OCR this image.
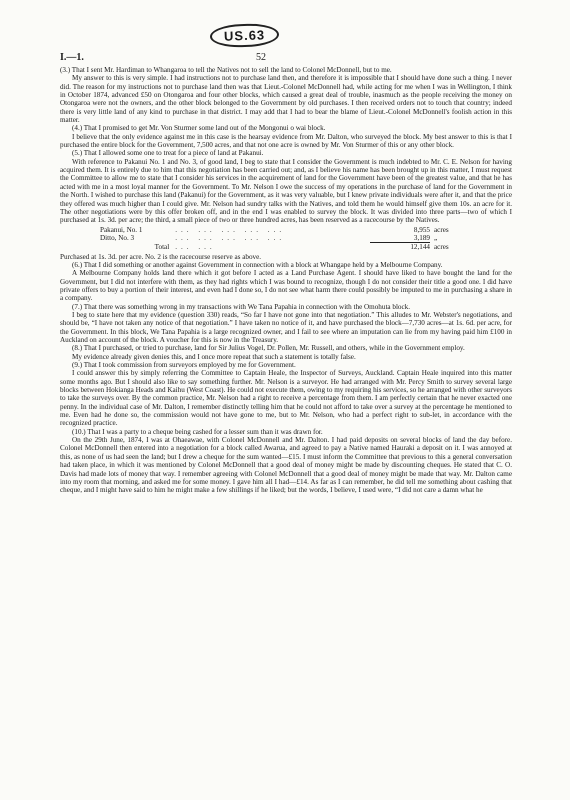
US.63
I.—1.	52

(3.) That I sent Mr. Hardiman to Whangaroa to tell the Natives not to sell the land to Colonel McDonnell, but to me.

My answer to this is very simple. I had instructions not to purchase land then, and therefore it is impossible that I should have done such a thing. I never did. The reason for my instructions not to purchase land then was that Lieut.-Colonel McDonnell had, while acting for me when I was in Wellington, I think in October 1874, advanced £50 on Otongaroa and four other blocks, which caused a great deal of trouble, inasmuch as the people receiving the money on Otongaroa were not the owners, and the other block belonged to the Government by old purchases. I then received orders not to touch that country; indeed there is very little land of any kind to purchase in that district. I may add that I had to bear the blame of Lieut.-Colonel McDonnell's foolish action in this matter.

(4.) That I promised to get Mr. Von Sturmer some land out of the Mongonui o wai block.

I believe that the only evidence against me in this case is the hearsay evidence from Mr. Dalton, who surveyed the block. My best answer to this is that I purchased the entire block for the Government, 7,500 acres, and that not one acre is owned by Mr. Von Sturmer of this or any other block.

(5.) That I allowed some one to treat for a piece of land at Pakanui.

With reference to Pakanui No. 1 and No. 3, of good land, I beg to state that I consider the Government is much indebted to Mr. C. E. Nelson for having acquired them. It is entirely due to him that this negotiation has been carried out; and, as I believe his name has been brought up in this matter, I must request the Committee to allow me to state that I consider his services in the acquirement of land for the Government have been of the greatest value, and that he has acted with me in a most loyal manner for the Government. To Mr. Nelson I owe the success of my operations in the purchase of land for the Government in the North. I wished to purchase this land (Pakanui) for the Government, as it was very valuable, but I knew private individuals were after it, and that the price they offered was much higher than I could give. Mr. Nelson had sundry talks with the Natives, and told them he would himself give them 10s. an acre for it. The other negotiations were by this offer broken off, and in the end I was enabled to survey the block. It was divided into three parts—two of which I purchased at 1s. 3d. per acre; the third, a small piece of two or three hundred acres, has been reserved as a racecourse by the Natives.

Pakanui, No. 1	... ... ... ... ...	8,955	acres
Ditto, No. 3	... ... ... ... ...	3,189	„
Total	... ...	12,144	acres

Purchased at 1s. 3d. per acre. No. 2 is the racecourse reserve as above.

(6.) That I did something or another against Government in connection with a block at Whangape held by a Melbourne Company.

A Melbourne Company holds land there which it got before I acted as a Land Purchase Agent. I should have liked to have bought the land for the Government, but I did not interfere with them, as they had rights which I was bound to recognize, though I do not consider their title a good one. I did have private offers to buy a portion of their interest, and even had I done so, I do not see what harm there could possibly be imputed to me in purchasing a share in a company.

(7.) That there was something wrong in my transactions with We Tana Papahia in connection with the Omohuta block.

I beg to state here that my evidence (question 330) reads, “So far I have not gone into that negotiation.” This alludes to Mr. Webster's negotiations, and should be, “I have not taken any notice of that negotiation.” I have taken no notice of it, and have purchased the block—7,730 acres—at 1s. 6d. per acre, for the Government. In this block, We Tana Papahia is a large recognized owner, and I fail to see where an imputation can lie from my having paid him £100 in Auckland on account of the block. A voucher for this is now in the Treasury.

(8.) That I purchased, or tried to purchase, land for Sir Julius Vogel, Dr. Pollen, Mr. Russell, and others, while in the Government employ.

My evidence already given denies this, and I once more repeat that such a statement is totally false.

(9.) That I took commission from surveyors employed by me for Government.

I could answer this by simply referring the Committee to Captain Heale, the Inspector of Surveys, Auckland. Captain Heale inquired into this matter some months ago. But I should also like to say something further. Mr. Nelson is a surveyor. He had arranged with Mr. Percy Smith to survey several large blocks between Hokianga Heads and Kaihu (West Coast). He could not execute them, owing to my requiring his services, so he arranged with other surveyors to take the surveys over. By the common practice, Mr. Nelson had a right to receive a percentage from them. I am perfectly certain that he never exacted one penny. In the individual case of Mr. Dalton, I remember distinctly telling him that he could not afford to take over a survey at the percentage he mentioned to me. Even had he done so, the commission would not have gone to me, but to Mr. Nelson, who had a perfect right to sub-let, in accordance with the recognized practice.

(10.) That I was a party to a cheque being cashed for a lesser sum than it was drawn for.

On the 29th June, 1874, I was at Ohaeawae, with Colonel McDonnell and Mr. Dalton. I had paid deposits on several blocks of land the day before. Colonel McDonnell then entered into a negotiation for a block called Awarua, and agreed to pay a Native named Hauraki a deposit on it. I was annoyed at this, as none of us had seen the land; but I drew a cheque for the sum wanted—£15. I must inform the Committee that previous to this a general conversation had taken place, in which it was mentioned by Colonel McDonnell that a good deal of money might be made by discounting cheques. He stated that C. O. Davis had made lots of money that way. I remember agreeing with Colonel McDonnell that a good deal of money might be made that way. Mr. Dalton came into my room that morning, and asked me for some money. I gave him all I had—£14. As far as I can remember, he did tell me something about cashing that cheque, and I might have said to him he might make a few shillings if he liked; but the words, I believe, I used were, “I did not care a damn what he
